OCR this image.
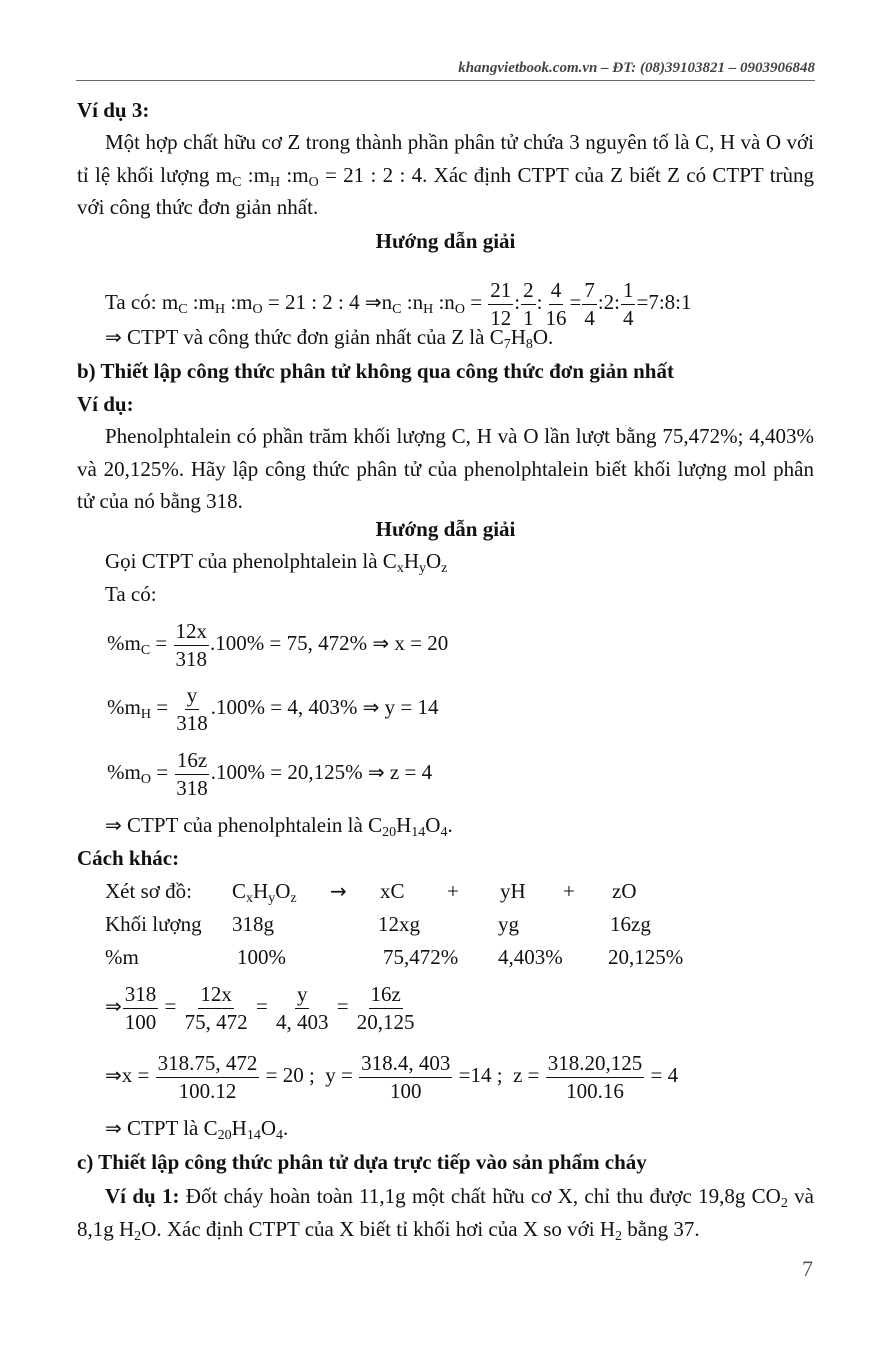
khangvietbook.com.vn – ĐT: (08)39103821 – 0903906848
Ví dụ 3:
Một hợp chất hữu cơ Z trong thành phần phân tử chứa 3 nguyên tố là C, H và O với tỉ lệ khối lượng $m_C$ $:m_H$ $:m_O = 21$ : 2 : 4. Xác định CTPT của Z biết Z có CTPT trùng với công thức đơn giản nhất.
Hướng dẫn giải
Ta có: $m_C$ $:m_H$ $:m_O = 21$ : 2 : 4 $\Rightarrow n_C$ $:n_H$ $:n_O = \frac{21}{12}$ : $\frac{2}{1}$ : $\frac{4}{16} = \frac{7}{4}$ :2: $\frac{1}{4}$ =7:8:1
⇒ CTPT và công thức đơn giản nhất của Z là $C_7H_8O$.
b) Thiết lập công thức phân tử không qua công thức đơn giản nhất
Ví dụ:
Phenolphtalein có phần trăm khối lượng C, H và O lần lượt bằng 75,472%; 4,403% và 20,125%. Hãy lập công thức phân tử của phenolphtalein biết khối lượng mol phân tử của nó bằng 318.
Hướng dẫn giải
Gọi CTPT của phenolphtalein là $C_xH_yO_z$
Ta có:
$\%m_C = \frac{12x}{318} .100\% = 75$, 472% ⇒ x = 20
$\%m_H = \frac{y}{318} .100\% = 4$, 403% ⇒ y = 14
$\%m_O = \frac{16z}{318} .100\% = 20,125\%$ ⇒ z = 4
⇒ CTPT của phenolphtalein là $C_{20}H_{14}O_4$.
Cách khác:
Xét sơ đồ: $C_xH_yO_z$ → xC + yH + zO
Khối lượng 318g	12xg	yg	16zg
%m	100%	75,472% 4,403% 20,125%
⇒ $\frac{318}{100} = \frac{12x}{75, 472} = \frac{y}{4, 403} = \frac{16z}{20,125}$
⇒x = $\frac{318.75, 472}{100.12} = 20$ ;  $y = \frac{318.4, 403}{100} =14$ ;  $z = \frac{318.20,125}{100.16} = 4$
⇒ CTPT là $C_{20}H_{14}O_4$.
c) Thiết lập công thức phân tử dựa trực tiếp vào sản phẩm cháy
Ví dụ 1: Đốt cháy hoàn toàn 11,1g một chất hữu cơ X, chỉ thu được 19,8g $CO_2$ và 8,1g $H_2O$. Xác định CTPT của X biết tỉ khối hơi của X so với $H_2$ bằng 37.
7
